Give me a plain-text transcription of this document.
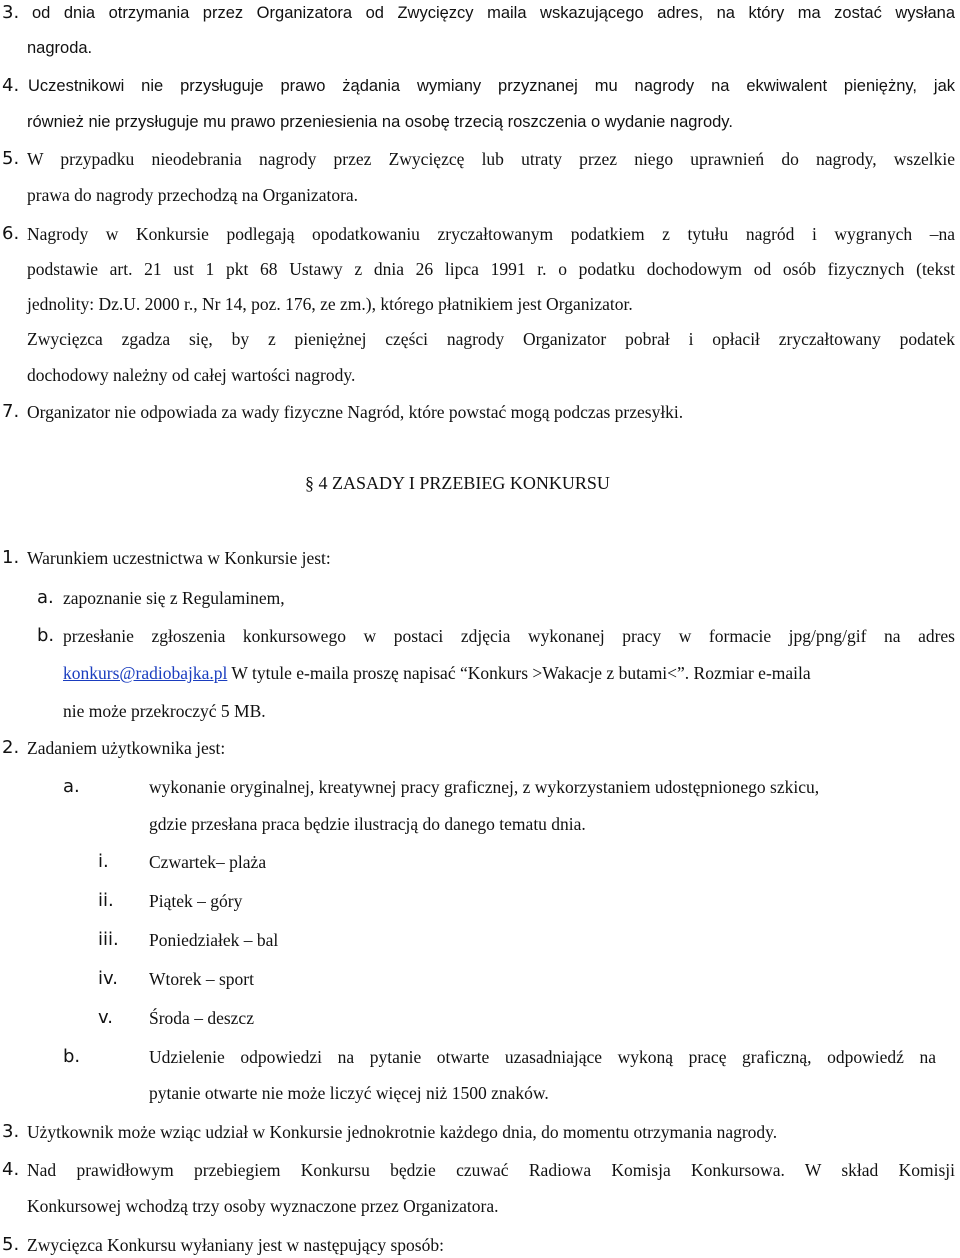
3. od dnia otrzymania przez Organizatora od Zwycięzcy maila wskazującego adres, na który ma zostać wysłana
nagroda.
4. Uczestnikowi nie przysługuje prawo żądania wymiany przyznanej mu nagrody na ekwiwalent pieniężny, jak
również nie przysługuje mu prawo przeniesienia na osobę trzecią roszczenia o wydanie nagrody.
5. W przypadku nieodebrania nagrody przez Zwycięzcę lub utraty przez niego uprawnień do nagrody, wszelkie
prawa do nagrody przechodzą na Organizatora.
6. Nagrody w Konkursie podlegają opodatkowaniu zryczałtowanym podatkiem z tytułu nagród i wygranych –na
podstawie art. 21 ust 1 pkt 68 Ustawy z dnia 26 lipca 1991 r. o podatku dochodowym od osób fizycznych (tekst
jednolity: Dz.U. 2000 r., Nr 14, poz. 176, ze zm.), którego płatnikiem jest Organizator.
Zwycięzca zgadza się, by z pieniężnej części nagrody Organizator pobrał i opłacił zryczałtowany podatek
dochodowy należny od całej wartości nagrody.
7. Organizator nie odpowiada za wady fizyczne Nagród, które powstać mogą podczas przesyłki.
§ 4 ZASADY I PRZEBIEG KONKURSU
1. Warunkiem uczestnictwa w Konkursie jest:
a. zapoznanie się z Regulaminem,
b. przesłanie zgłoszenia konkursowego w postaci zdjęcia wykonanej pracy w formacie jpg/png/gif na adres
konkurs@radiobajka.pl W tytule e-maila proszę napisać “Konkurs >Wakacje z butami<”. Rozmiar e-maila
nie może przekroczyć 5 MB.
2. Zadaniem użytkownika jest:
a.	wykonanie oryginalnej, kreatywnej pracy graficznej, z wykorzystaniem udostępnionego szkicu,
gdzie przesłana praca będzie ilustracją do danego tematu dnia.
i. Czwartek– plaża
ii. Piątek – góry
iii. Poniedziałek – bal
iv. Wtorek – sport
v. Środa – deszcz
b.	Udzielenie odpowiedzi na pytanie otwarte uzasadniające wykoną pracę graficzną, odpowiedź na
pytanie otwarte nie może liczyć więcej niż 1500 znaków.
3. Użytkownik może wziąc udział w Konkursie jednokrotnie każdego dnia, do momentu otrzymania nagrody.
4. Nad prawidłowym przebiegiem Konkursu będzie czuwać Radiowa Komisja Konkursowa. W skład Komisji
Konkursowej wchodzą trzy osoby wyznaczone przez Organizatora.
5. Zwycięzca Konkursu wyłaniany jest w następujący sposób:
